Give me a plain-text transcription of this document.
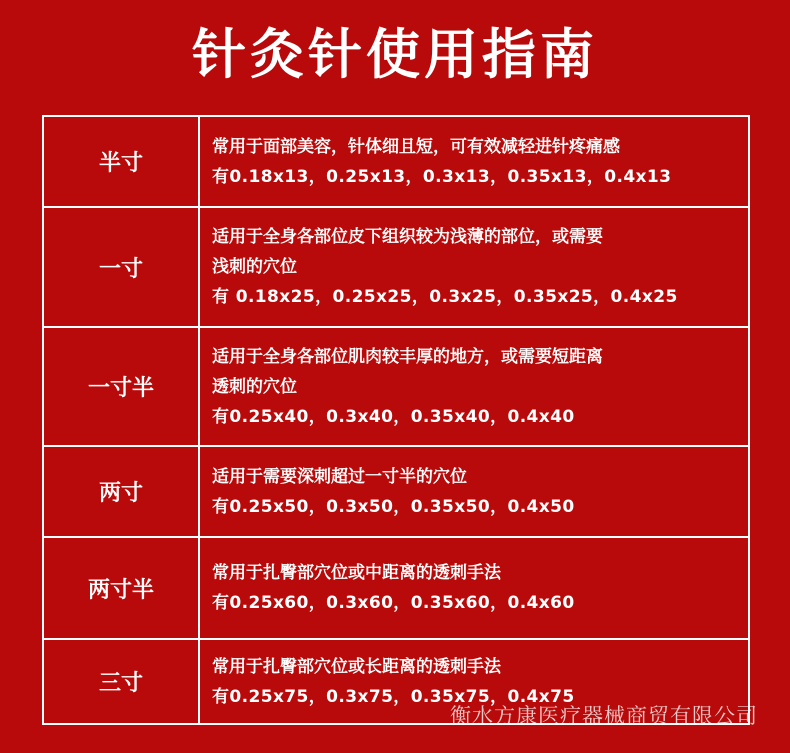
针灸针使用指南
半寸	常用于面部美容，针体细且短，可有效减轻进针疼痛感
有0.18x13，0.25x13，0.3x13，0.35x13，0.4x13

一寸	适用于全身各部位皮下组织较为浅薄的部位，或需要
浅刺的穴位
有 0.18x25，0.25x25，0.3x25，0.35x25，0.4x25

一寸半	适用于全身各部位肌肉较丰厚的地方，或需要短距离
透刺的穴位
有0.25x40，0.3x40，0.35x40，0.4x40

两寸	适用于需要深刺超过一寸半的穴位
有0.25x50，0.3x50，0.35x50，0.4x50

两寸半	常用于扎臀部穴位或中距离的透刺手法
有0.25x60，0.3x60，0.35x60，0.4x60

三寸	常用于扎臀部穴位或长距离的透刺手法
有0.25x75，0.3x75，0.35x75，0.4x75
衡水方康医疗器械商贸有限公司
